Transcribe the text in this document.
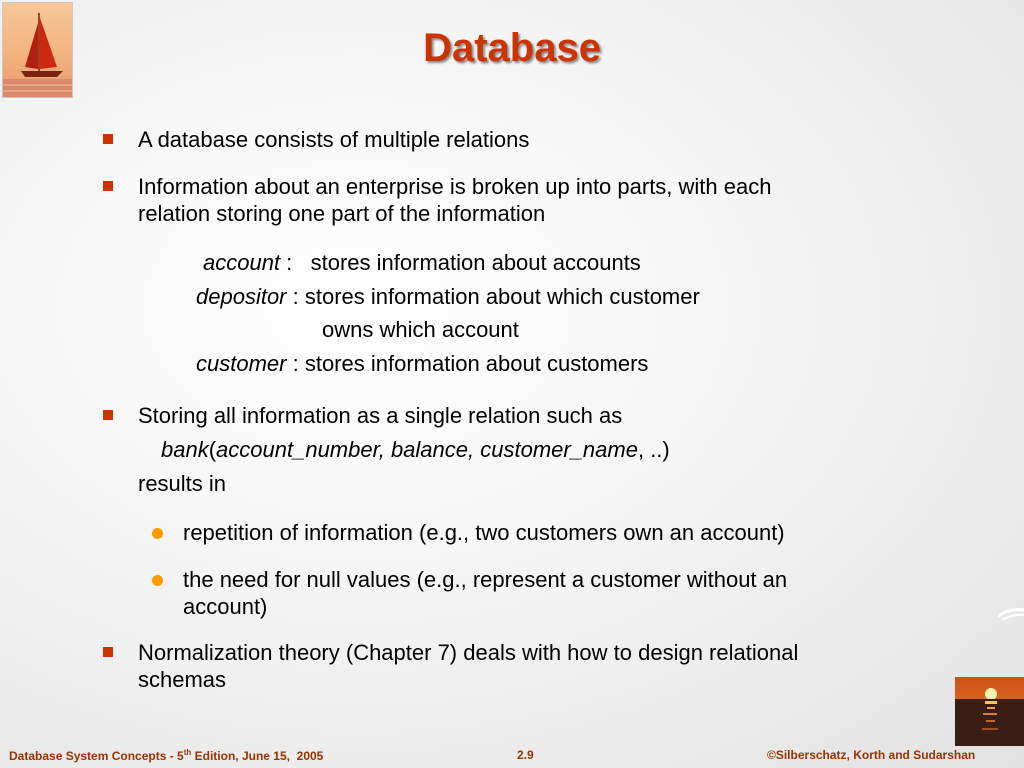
Database
A database consists of multiple relations
Information about an enterprise is broken up into parts, with each
relation storing one part of the information
account :   stores information about accounts
depositor : stores information about which customer
owns which account
customer : stores information about customers
Storing all information as a single relation such as
bank(account_number, balance, customer_name, ..)
results in
repetition of information (e.g., two customers own an account)
the need for null values (e.g., represent a customer without an
account)
Normalization theory (Chapter 7) deals with how to design relational
schemas
Database System Concepts - 5th Edition, June 15,  2005	2.9	©Silberschatz, Korth and Sudarshan
